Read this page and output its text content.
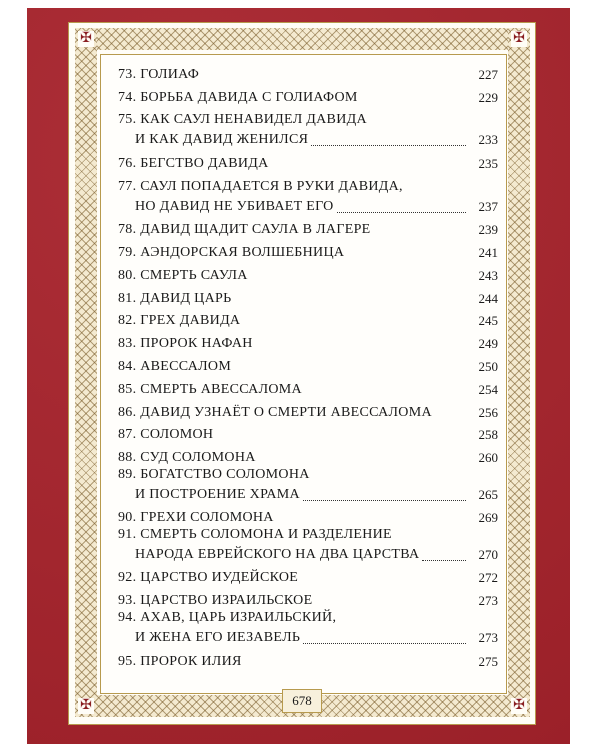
✠	✠
✠	✠
73. ГОЛИАФ	227
74. БОРЬБА ДАВИДА С ГОЛИАФОМ	229
75. КАК САУЛ НЕНАВИДЕЛ ДАВИДА
И КАК ДАВИД ЖЕНИЛСЯ	233
76. БЕГСТВО ДАВИДА	235
77. САУЛ ПОПАДАЕТСЯ В РУКИ ДАВИДА,
НО ДАВИД НЕ УБИВАЕТ ЕГО	237
78. ДАВИД ЩАДИТ САУЛА В ЛАГЕРЕ	239
79. АЭНДОРСКАЯ ВОЛШЕБНИЦА	241
80. СМЕРТЬ САУЛА	243
81. ДАВИД ЦАРЬ	244
82. ГРЕХ ДАВИДА	245
83. ПРОРОК НАФАН	249
84. АВЕССАЛОМ	250
85. СМЕРТЬ АВЕССАЛОМА	254
86. ДАВИД УЗНАЁТ О СМЕРТИ АВЕССАЛОМА	256
87. СОЛОМОН	258
88. СУД СОЛОМОНА	260
89. БОГАТСТВО СОЛОМОНА
И ПОСТРОЕНИЕ ХРАМА	265
90. ГРЕХИ СОЛОМОНА	269
91. СМЕРТЬ СОЛОМОНА И РАЗДЕЛЕНИЕ
НАРОДА ЕВРЕЙСКОГО НА ДВА ЦАРСТВА	270
92. ЦАРСТВО ИУДЕЙСКОЕ	272
93. ЦАРСТВО ИЗРАИЛЬСКОЕ	273
94. АХАВ, ЦАРЬ ИЗРАИЛЬСКИЙ,
И ЖЕНА ЕГО ИЕЗАВЕЛЬ	273
95. ПРОРОК ИЛИЯ	275
678
